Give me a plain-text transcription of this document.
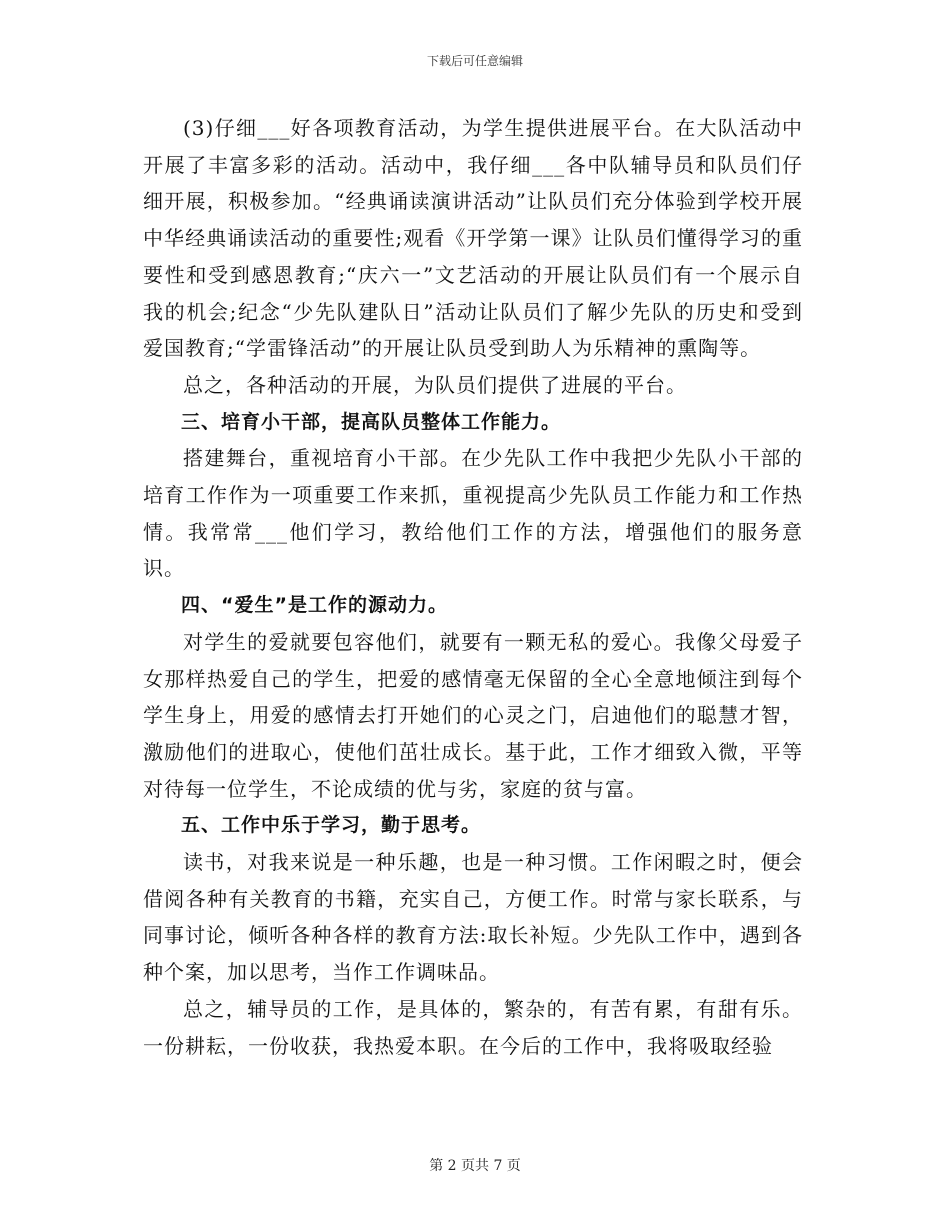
下载后可任意编辑

(3)仔细___好各项教育活动，为学生提供进展平台。在大队活动中开展了丰富多彩的活动。活动中，我仔细___各中队辅导员和队员们仔细开展，积极参加。“经典诵读演讲活动”让队员们充分体验到学校开展中华经典诵读活动的重要性;观看《开学第一课》让队员们懂得学习的重要性和受到感恩教育;“庆六一”文艺活动的开展让队员们有一个展示自我的机会;纪念“少先队建队日”活动让队员们了解少先队的历史和受到爱国教育;“学雷锋活动”的开展让队员受到助人为乐精神的熏陶等。

总之，各种活动的开展，为队员们提供了进展的平台。

三、培育小干部，提高队员整体工作能力。

搭建舞台，重视培育小干部。在少先队工作中我把少先队小干部的培育工作作为一项重要工作来抓，重视提高少先队员工作能力和工作热情。我常常___他们学习，教给他们工作的方法，增强他们的服务意识。

四、“爱生”是工作的源动力。

对学生的爱就要包容他们，就要有一颗无私的爱心。我像父母爱子女那样热爱自己的学生，把爱的感情毫无保留的全心全意地倾注到每个学生身上，用爱的感情去打开她们的心灵之门，启迪他们的聪慧才智，激励他们的进取心，使他们茁壮成长。基于此，工作才细致入微，平等对待每一位学生，不论成绩的优与劣，家庭的贫与富。

五、工作中乐于学习，勤于思考。

读书，对我来说是一种乐趣，也是一种习惯。工作闲暇之时，便会借阅各种有关教育的书籍，充实自己，方便工作。时常与家长联系，与同事讨论，倾听各种各样的教育方法:取长补短。少先队工作中，遇到各种个案，加以思考，当作工作调味品。

总之，辅导员的工作，是具体的，繁杂的，有苦有累，有甜有乐。一份耕耘，一份收获，我热爱本职。在今后的工作中，我将吸取经验

第 2 页共 7 页
